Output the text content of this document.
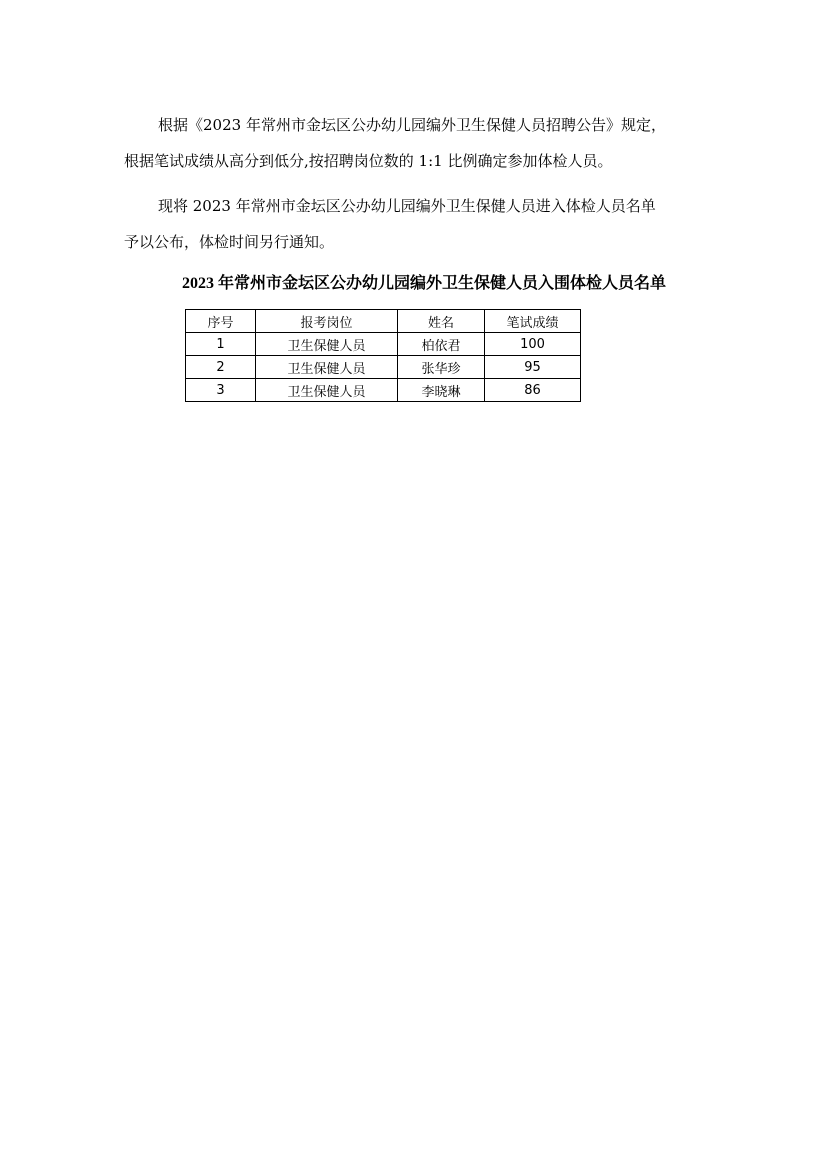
根据《2023 年常州市金坛区公办幼儿园编外卫生保健人员招聘公告》规定，

根据笔试成绩从高分到低分,按招聘岗位数的 1:1 比例确定参加体检人员。

现将 2023 年常州市金坛区公办幼儿园编外卫生保健人员进入体检人员名单

予以公布，体检时间另行通知。

2023 年常州市金坛区公办幼儿园编外卫生保健人员入围体检人员名单
序号	报考岗位	姓名	笔试成绩
1	卫生保健人员	柏依君	100
2	卫生保健人员	张华珍	95
3	卫生保健人员	李晓琳	86
